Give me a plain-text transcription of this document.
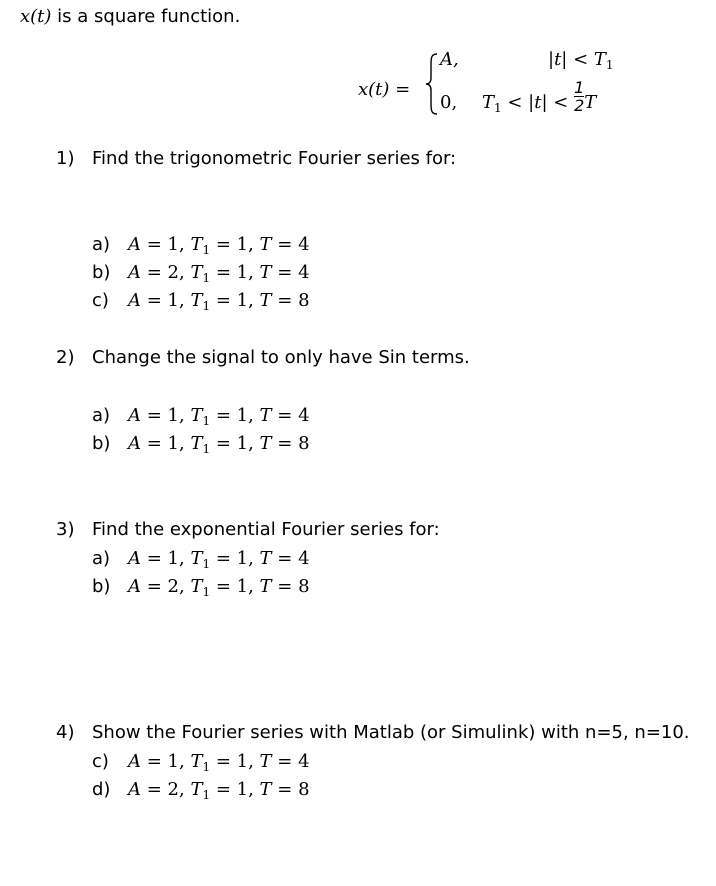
x(t) is a square function.
x(t) =
A,	$|t| < T_1$
0, $T_1 < |t| < \frac{1}{2}$ T
1) Find the trigonometric Fourier series for:
a) A = 1, $T_1 = 1$, T = 4
b) A = 2, $T_1 = 1$, T = 4
c) A = 1, $T_1 = 1$, T = 8
2) Change the signal to only have Sin terms.
a) A = 1, $T_1 = 1$, T = 4
b) A = 1, $T_1 = 1$, T = 8
3) Find the exponential Fourier series for:
a) A = 1, $T_1 = 1$, T = 4
b) A = 2, $T_1 = 1$, T = 8
4) Show the Fourier series with Matlab (or Simulink) with n=5, n=10.
c) A = 1, $T_1 = 1$, T = 4
d) A = 2, $T_1 = 1$, T = 8
